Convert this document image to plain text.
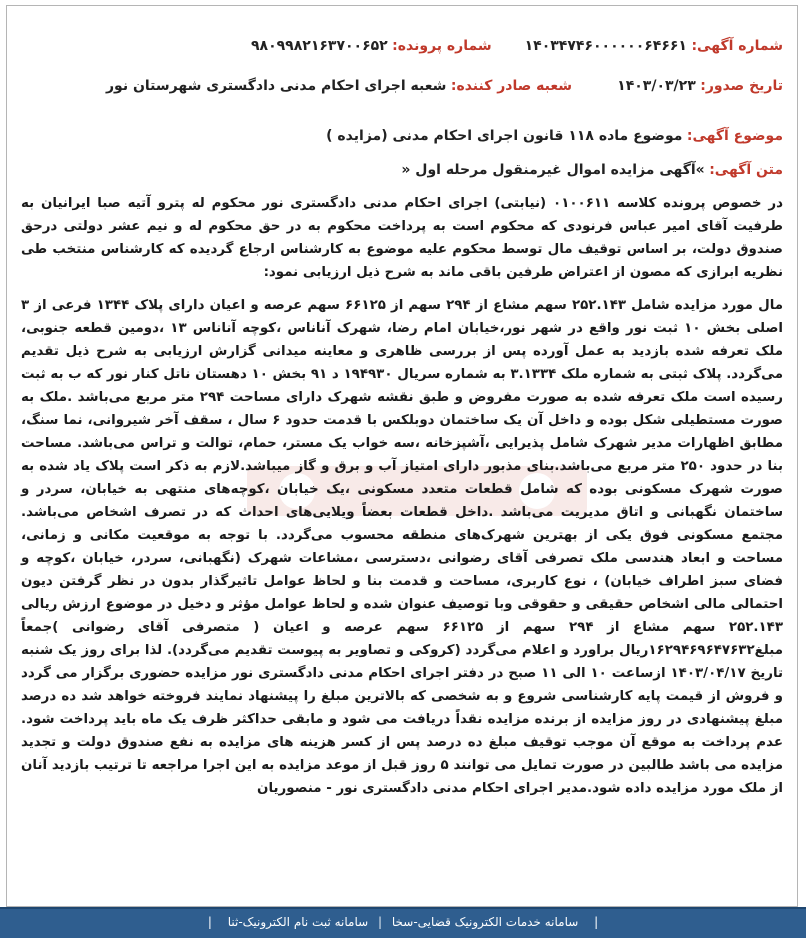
شماره آگهی: ۱۴۰۳۴۷۴۶۰۰۰۰۰۰۶۴۶۶۱
شماره پرونده: ۹۸۰۹۹۸۲۱۶۳۷۰۰۶۵۲
تاریخ صدور: ۱۴۰۳/۰۳/۲۳
شعبه صادر کننده: شعبه اجرای احکام مدنی دادگستری شهرستان نور
موضوع آگهی: موضوع ماده ۱۱۸ قانون اجرای احکام مدنی (مزایده )
متن آگهی: »آگهی مزایده اموال غیرمنقول مرحله اول «

در خصوص پرونده کلاسه ۰۱۰۰۶۱۱ (نیابتی) اجرای احکام مدنی دادگستری نور محکوم له پترو آتیه صبا ایرانیان به طرفیت آقای امیر عباس فرنودی که محکوم است به پرداخت محکوم به در حق محکوم له و نیم عشر دولتی درحق صندوق دولت، بر اساس توقیف مال توسط محکوم علیه موضوع به کارشناس ارجاع گردیده که کارشناس منتخب طی نظریه ابرازی که مصون از اعتراض طرفین باقی ماند به شرح ذیل ارزیابی نمود:

مال مورد مزایده شامل ۲۵۲.۱۴۳ سهم مشاع از ۲۹۴ سهم از ۶۶۱۲۵ سهم عرصه و اعیان دارای پلاک ۱۳۴۴ فرعی از ۳ اصلی بخش ۱۰ ثبت نور واقع در شهر نور،خیابان امام رضا، شهرک آناناس ،کوچه آناناس ۱۳ ،دومین قطعه جنوبی، ملک تعرفه شده بازدید به عمل آورده پس از بررسی ظاهری و معاینه میدانی گزارش ارزیابی به شرح ذیل تقدیم می‌گردد. پلاک ثبتی به شماره ملک ۳.۱۳۳۴ به شماره سریال ۱۹۴۹۳۰ د ۹۱ بخش ۱۰ دهستان ناتل کنار نور که ب به ثبت رسیده است ملک تعرفه شده به صورت مفروض و طبق نقشه شهرک دارای مساحت ۲۹۴ متر مربع می‌باشد .ملک به صورت مستطیلی شکل بوده و داخل آن یک ساختمان دوبلکس با قدمت حدود ۶ سال ، سقف آخر شیروانی، نما سنگ، مطابق اظهارات مدیر شهرک شامل پذیرایی ،آشپزخانه ،سه خواب یک مستر، حمام، توالت و تراس می‌باشد. مساحت بنا در حدود ۲۵۰ متر مربع می‌باشد.بنای مذبور دارای امتیاز آب و برق و گاز میباشد.لازم به ذکر است پلاک یاد شده به صورت شهرک مسکونی بوده که شامل قطعات متعدد مسکونی ،یک خیابان ،کوچه‌های منتهی به خیابان، سردر و ساختمان نگهبانی و اتاق مدیریت می‌باشد .داخل قطعات بعضاً ویلایی‌های احداث که در تصرف اشخاص می‌باشد. مجتمع مسکونی فوق یکی از بهترین شهرک‌های منطقه محسوب می‌گردد. با توجه به موقعیت مکانی و زمانی، مساحت و ابعاد هندسی ملک تصرفی آقای رضوانی ،دسترسی ،مشاعات شهرک (نگهبانی، سردر، خیابان ،کوچه و فضای سبز اطراف خیابان) ، نوع کاربری، مساحت و قدمت بنا و لحاظ عوامل تاثیرگذار بدون در نظر گرفتن دیون احتمالی مالی اشخاص حقیقی و حقوقی وبا توصیف عنوان شده و لحاظ عوامل مؤثر و دخیل در موضوع ارزش ریالی ۲۵۲.۱۴۳ سهم مشاع از ۲۹۴ سهم از ۶۶۱۲۵ سهم عرصه و اعیان ( متصرفی آقای رضوانی )جمعاً مبلغ۱۶۲۹۴۶۹۶۴۷۶۳۲ریال براورد و اعلام می‌گردد (کروکی و تصاویر به پیوست تقدیم می‌گردد). لذا برای روز یک شنبه تاریخ ۱۴۰۳/۰۴/۱۷ ازساعت ۱۰ الی ۱۱ صبح در دفتر اجرای احکام مدنی دادگستری نور مزایده حضوری برگزار می گردد و فروش از قیمت پایه کارشناسی شروع و به شخصی که بالاترین مبلغ را پیشنهاد نمایند فروخته خواهد شد ده درصد مبلغ پیشنهادی در روز مزایده از برنده مزایده نقداً دریافت می شود و مابقی حداکثر ظرف یک ماه باید پرداخت شود. عدم پرداخت به موقع آن موجب توقیف مبلغ ده درصد پس از کسر هزینه های مزایده به نفع صندوق دولت و تجدید مزایده می باشد طالبین در صورت تمایل می توانند ۵ روز قبل از موعد مزایده به این اجرا مراجعه تا ترتیب بازدید آنان از ملک مورد مزایده داده شود.مدیر اجرای احکام مدنی دادگستری نور - منصوریان

| سامانه خدمات الکترونیک قضایی-سخا | سامانه ثبت نام الکترونیک-ثنا |
